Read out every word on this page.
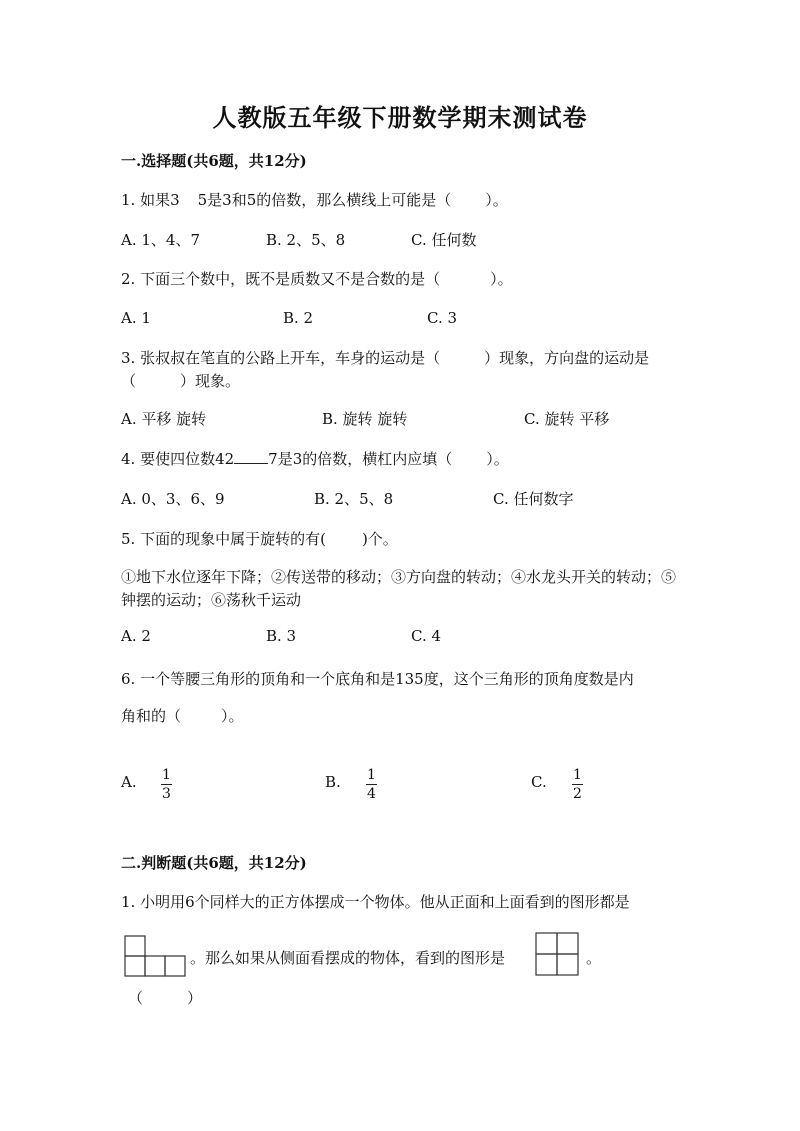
人教版五年级下册数学期末测试卷
一.选择题(共6题，共12分)
1. 如果3 5是3和5的倍数，那么横线上可能是（ ）。
A. 1、4、7	B. 2、5、8	C. 任何数
2. 下面三个数中，既不是质数又不是合数的是（	）。
A. 1	B. 2	C. 3
3. 张叔叔在笔直的公路上开车，车身的运动是（	）现象，方向盘的运动是
（	）现象。
A. 平移 旋转	B. 旋转 旋转	C. 旋转 平移
4. 要使四位数42 7是3的倍数，横杠内应填（ ）。
A. 0、3、6、9	B. 2、5、8	C. 任何数字
5. 下面的现象中属于旋转的有( )个。
①地下水位逐年下降；②传送带的移动；③方向盘的转动；④水龙头开关的转动；⑤钟摆的运动；⑥荡秋千运动
A. 2	B. 3	C. 4
6. 一个等腰三角形的顶角和一个底角和是135度，这个三角形的顶角度数是内
角和的（	）。
A. $\frac{1}{3}$	B. $\frac{1}{4}$	C. $\frac{1}{2}$
二.判断题(共6题，共12分)
1. 小明用6个同样大的正方体摆成一个物体。他从正面和上面看到的图形都是
。那么如果从侧面看摆成的物体，看到的图形是	。
（	）
